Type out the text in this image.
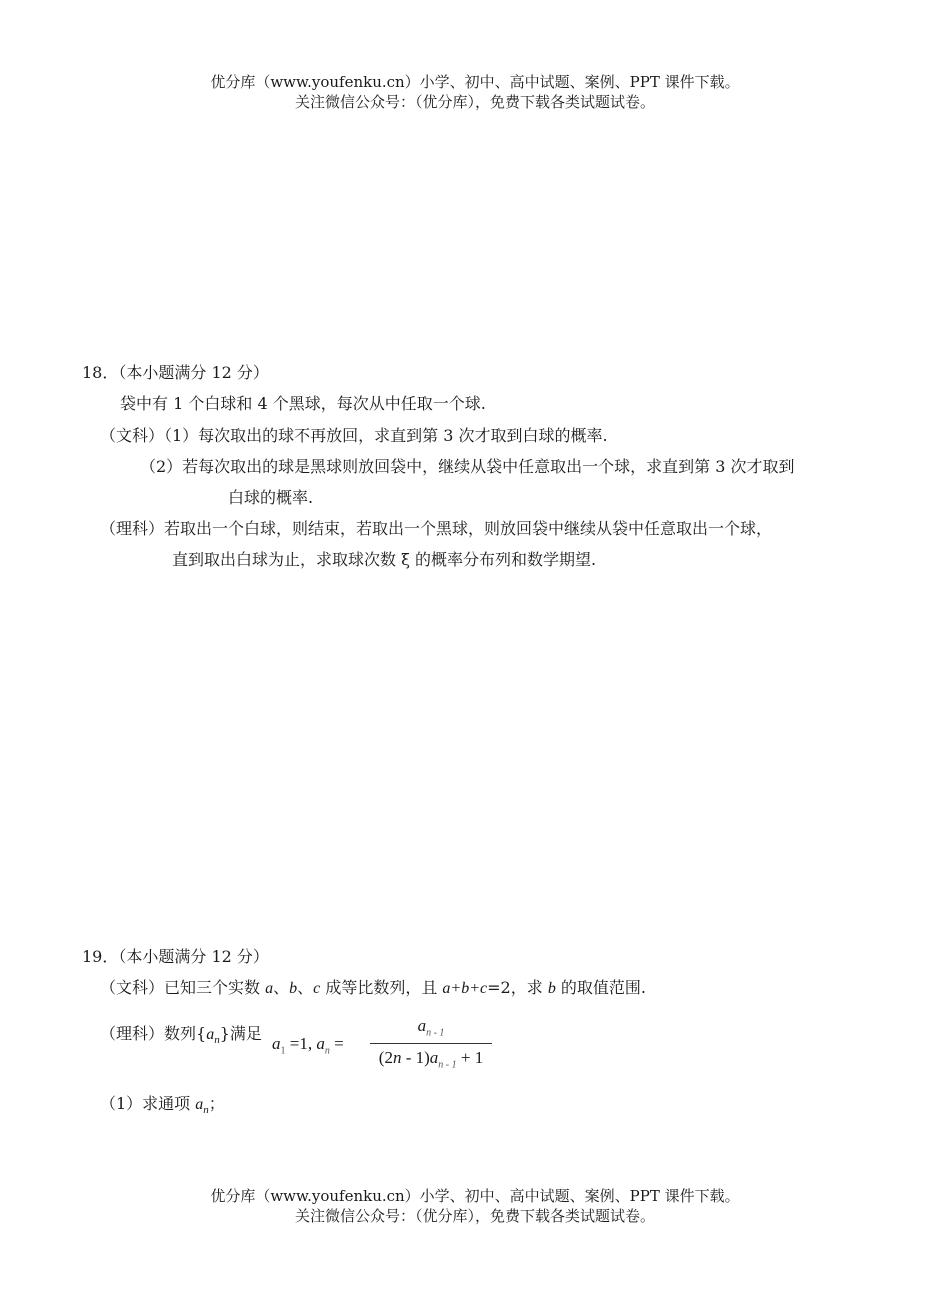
优分库（www.youfenku.cn）小学、初中、高中试题、案例、PPT 课件下载。
关注微信公众号：（优分库），免费下载各类试题试卷。
18．（本小题满分 12 分）
袋中有 1 个白球和 4 个黑球，每次从中任取一个球.
（文科）（1）每次取出的球不再放回，求直到第 3 次才取到白球的概率.
（2）若每次取出的球是黑球则放回袋中，继续从袋中任意取出一个球，求直到第 3 次才取到
白球的概率.
（理科）若取出一个白球，则结束，若取出一个黑球，则放回袋中继续从袋中任意取出一个球，
直到取出白球为止，求取球次数 ξ 的概率分布列和数学期望.
19．（本小题满分 12 分）
（文科）已知三个实数 a、b、c 成等比数列，且 a+b+c=2，求 b 的取值范围.
（理科）数列$\{a_n\}$满足
$a_1 =1$, $a_n$ =
$a_{n - 1}$
$(2n - 1)a_{n - 1} + 1$
（1）求通项 $a_n$；
优分库（www.youfenku.cn）小学、初中、高中试题、案例、PPT 课件下载。
关注微信公众号：（优分库），免费下载各类试题试卷。
